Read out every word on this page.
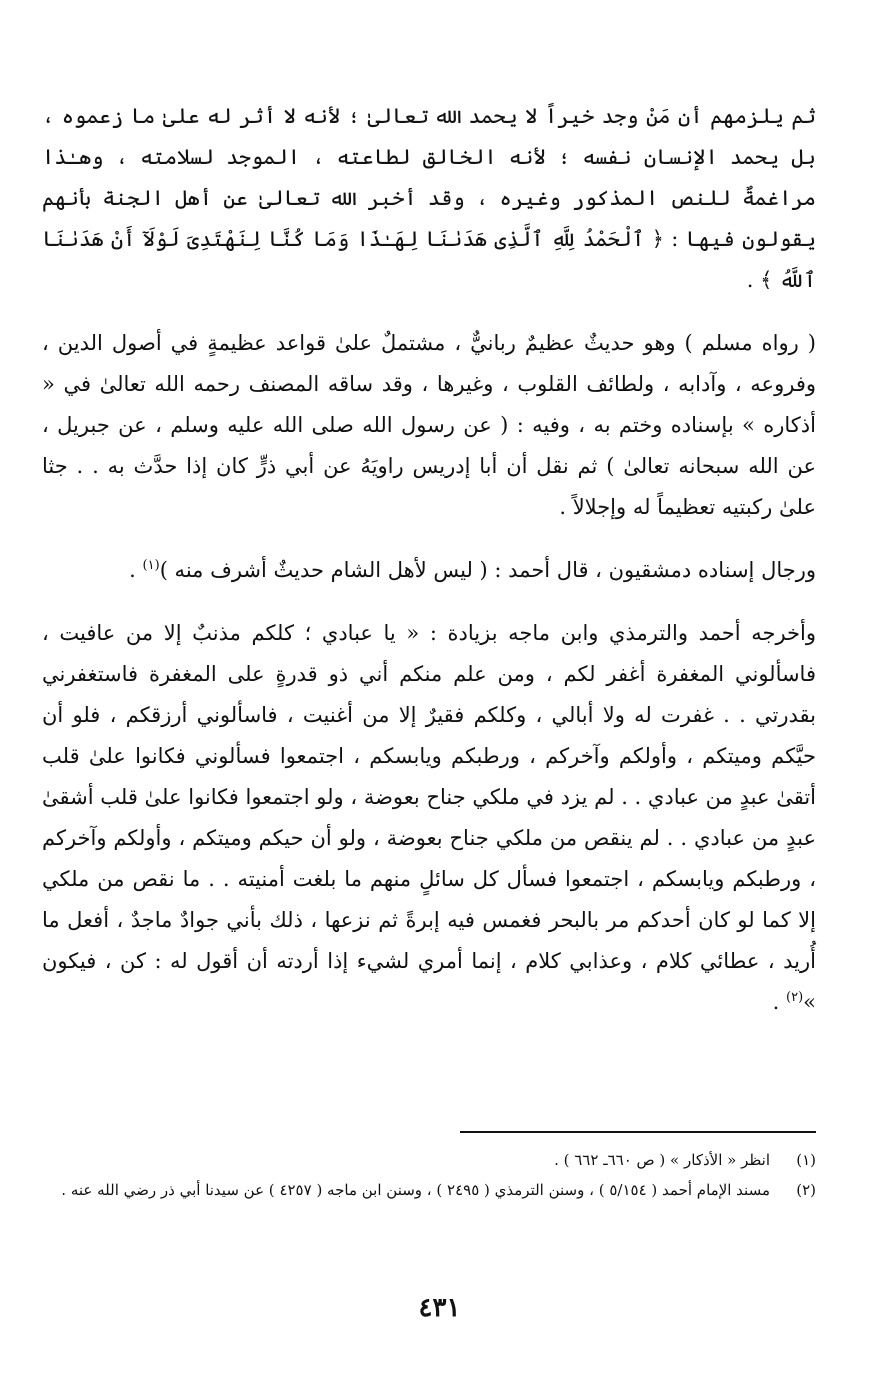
ثم يلزمهم أن مَنْ وجد خيراً لا يحمد الله تعالىٰ ؛ لأنه لا أثر له علىٰ ما زعموه ، بل يحمد الإنسان نفسه ؛ لأنه الخالق لطاعته ، الموجد لسلامته ، وهـٰذا مراغمةٌ للنص المذكور وغيره ، وقد أخبر الله تعالىٰ عن أهل الجنة بأنهم يقولون فيها : ﴿ ٱلْحَمْدُ لِلَّهِ ٱلَّذِى هَدَىٰنَا لِهَـٰذَا وَمَا كُنَّا لِنَهْتَدِىَ لَوْلَآ أَنْ هَدَىٰنَا ٱللَّهُ ﴾ .

( رواه مسلم ) وهو حديثٌ عظيمٌ ربانيٌّ ، مشتملٌ علىٰ قواعد عظيمةٍ في أصول الدين ، وفروعه ، وآدابه ، ولطائف القلوب ، وغيرها ، وقد ساقه المصنف رحمه الله تعالىٰ في « أذكاره » بإسناده وختم به ، وفيه : ( عن رسول الله صلى الله عليه وسلم ، عن جبريل ، عن الله سبحانه تعالىٰ ) ثم نقل أن أبا إدريس راويَهُ عن أبي ذرٍّ كان إذا حدَّث به . . جثا علىٰ ركبتيه تعظيماً له وإجلالاً .

ورجال إسناده دمشقيون ، قال أحمد : ( ليس لأهل الشام حديثٌ أشرف منه )$^{(١)}$ .

وأخرجه أحمد والترمذي وابن ماجه بزيادة : « يا عبادي ؛ كلكم مذنبٌ إلا من عافيت ، فاسألوني المغفرة أغفر لكم ، ومن علم منكم أني ذو قدرةٍ على المغفرة فاستغفرني بقدرتي . . غفرت له ولا أبالي ، وكلكم فقيرٌ إلا من أغنيت ، فاسألوني أرزقكم ، فلو أن حيَّكم وميتكم ، وأولكم وآخركم ، ورطبكم ويابسكم ، اجتمعوا فسألوني فكانوا علىٰ قلب أتقىٰ عبدٍ من عبادي . . لم يزد في ملكي جناح بعوضة ، ولو اجتمعوا فكانوا علىٰ قلب أشقىٰ عبدٍ من عبادي . . لم ينقص من ملكي جناح بعوضة ، ولو أن حيكم وميتكم ، وأولكم وآخركم ، ورطبكم ويابسكم ، اجتمعوا فسأل كل سائلٍ منهم ما بلغت أمنيته . . ما نقص من ملكي إلا كما لو كان أحدكم مر بالبحر فغمس فيه إبرةً ثم نزعها ، ذلك بأني جوادٌ ماجدٌ ، أفعل ما أُريد ، عطائي كلام ، وعذابي كلام ، إنما أمري لشيء إذا أردته أن أقول له : كن ، فيكون »$^{(٢)}$ .

(١)
انظر « الأذكار » ( ص ٦٦٠ـ ٦٦٢ ) .
(٢)
مسند الإمام أحمد ( ٥/١٥٤ ) ، وسنن الترمذي ( ٢٤٩٥ ) ، وسنن ابن ماجه ( ٤٢٥٧ ) عن سيدنا أبي ذر رضي الله عنه .
٤٣١
